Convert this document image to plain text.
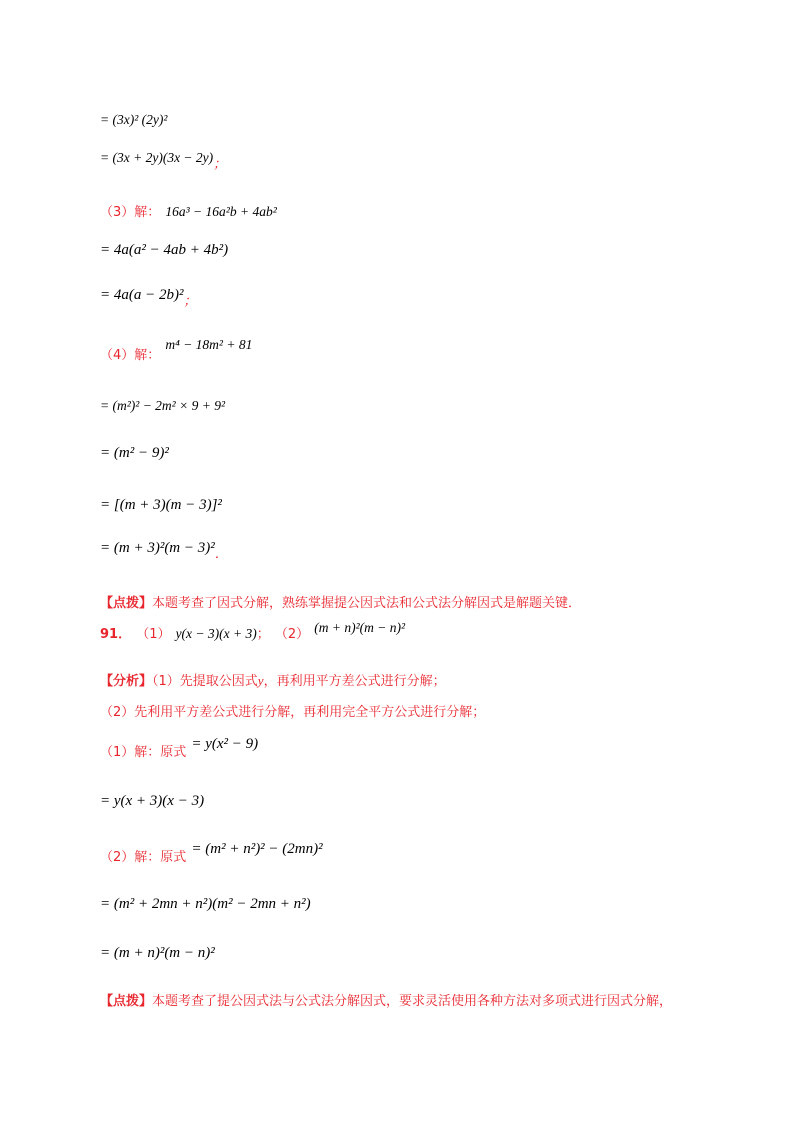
= (3x)² (2y)²
= (3x + 2y)(3x − 2y)；
（3）解： 16a³ − 16a²b + 4ab²
= 4a(a² − 4ab + 4b²)
= 4a(a − 2b)²；
$_{(4)解:}$ m⁴ − 18m² + 81
= (m²)² − 2m² × 9 + 9²
= (m² − 9)²
= [(m + 3)(m − 3)]²
= (m + 3)²(m − 3)²．
【点拨】本题考查了因式分解，熟练掌握提公因式法和公式法分解因式是解题关键．
91． （1） y(x − 3)(x + 3)； （2） $^{(m + n)^2(m - n)^2}$
【分析】（1）先提取公因式y，再利用平方差公式进行分解；
（2）先利用平方差公式进行分解，再利用完全平方公式进行分解；
$_{(1)解:原式}$ = y(x² − 9)
= y(x + 3)(x − 3)
$_{(2)解:原式}$ = (m² + n²)² − (2mn)²
= (m² + 2mn + n²)(m² − 2mn + n²)
= (m + n)²(m − n)²
【点拨】本题考查了提公因式法与公式法分解因式，要求灵活使用各种方法对多项式进行因式分解，
